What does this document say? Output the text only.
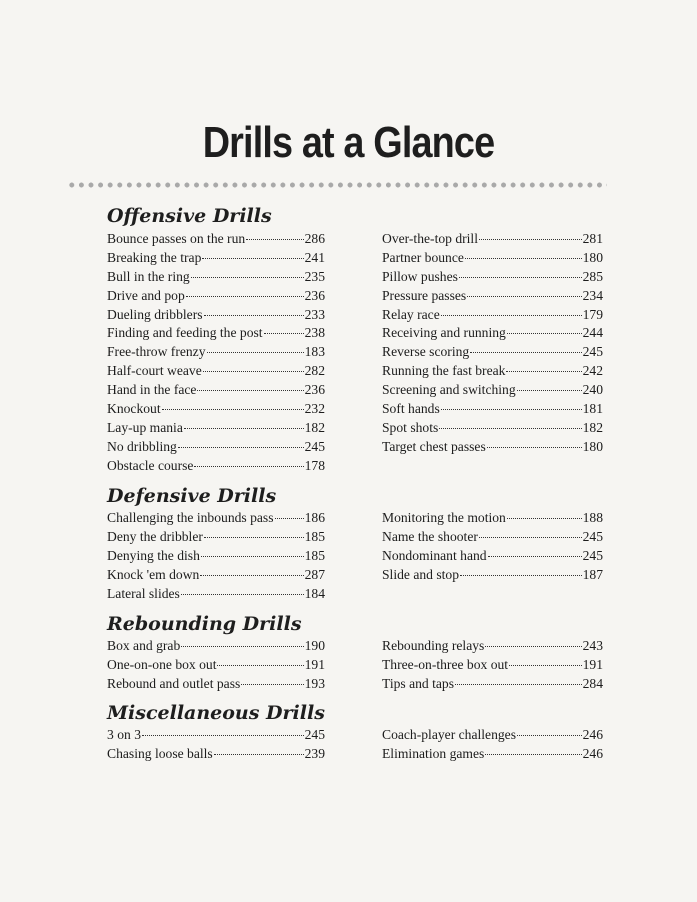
Drills at a Glance
Offensive Drills
Bounce passes on the run	286
Breaking the trap	241
Bull in the ring	235
Drive and pop	236
Dueling dribblers	233
Finding and feeding the post	238
Free-throw frenzy	183
Half-court weave	282
Hand in the face	236
Knockout	232
Lay-up mania	182
No dribbling	245
Obstacle course	178
Over-the-top drill	281
Partner bounce	180
Pillow pushes	285
Pressure passes	234
Relay race	179
Receiving and running	244
Reverse scoring	245
Running the fast break	242
Screening and switching	240
Soft hands	181
Spot shots	182
Target chest passes	180
Defensive Drills
Challenging the inbounds pass 186
Deny the dribbler	185
Denying the dish	185
Knock 'em down	287
Lateral slides	184
Monitoring the motion	188
Name the shooter	245
Nondominant hand	245
Slide and stop	187
Rebounding Drills
Box and grab	190
One-on-one box out	191
Rebound and outlet pass	193
Rebounding relays	243
Three-on-three box out	191
Tips and taps	284
Miscellaneous Drills
3 on 3	245
Chasing loose balls	239
Coach-player challenges	246
Elimination games	246
